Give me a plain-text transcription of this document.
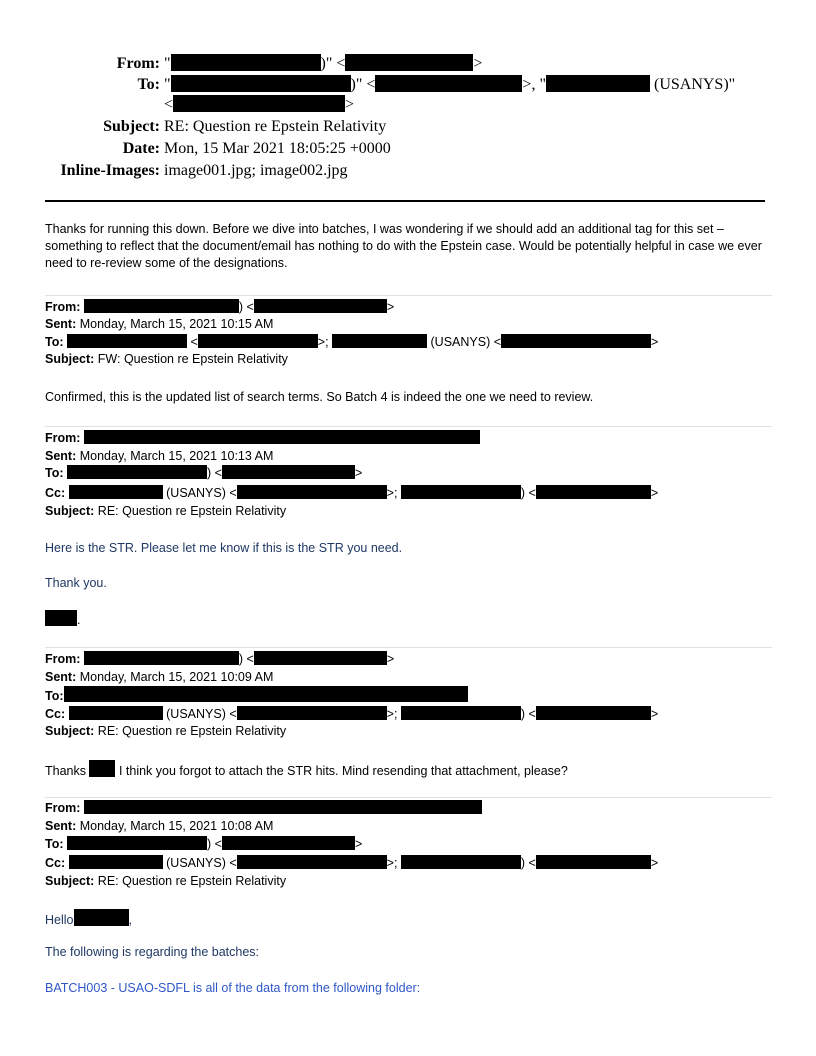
From: "	)" <	>
To: "	)" <	>, "	(USANYS)"
<	>
Subject: RE: Question re Epstein Relativity
Date: Mon, 15 Mar 2021 18:05:25 +0000
Inline-Images: image001.jpg; image002.jpg
Thanks for running this down. Before we dive into batches, I was wondering if we should add an additional tag for this set – something to reflect that the document/email has nothing to do with the Epstein case. Would be potentially helpful in case we ever need to re-review some of the designations.
From:	) <	>
Sent: Monday, March 15, 2021 10:15 AM
To:	<	>;	(USANYS) <	>
Subject: FW: Question re Epstein Relativity
Confirmed, this is the updated list of search terms. So Batch 4 is indeed the one we need to review.
From:
Sent: Monday, March 15, 2021 10:13 AM
To:	) <	>
Cc:	(USANYS) <	>;	) <	>
Subject: RE: Question re Epstein Relativity
Here is the STR. Please let me know if this is the STR you need.
Thank you.
.
From:	) <	>
Sent: Monday, March 15, 2021 10:09 AM
To:
Cc:	(USANYS) <	>;	) <	>
Subject: RE: Question re Epstein Relativity
Thanks  I think you forgot to attach the STR hits. Mind resending that attachment, please?
From:
Sent: Monday, March 15, 2021 10:08 AM
To:	) <	>
Cc:	(USANYS) <	>;	) <	>
Subject: RE: Question re Epstein Relativity
Hello	,
The following is regarding the batches:
BATCH003 - USAO-SDFL is all of the data from the following folder:
